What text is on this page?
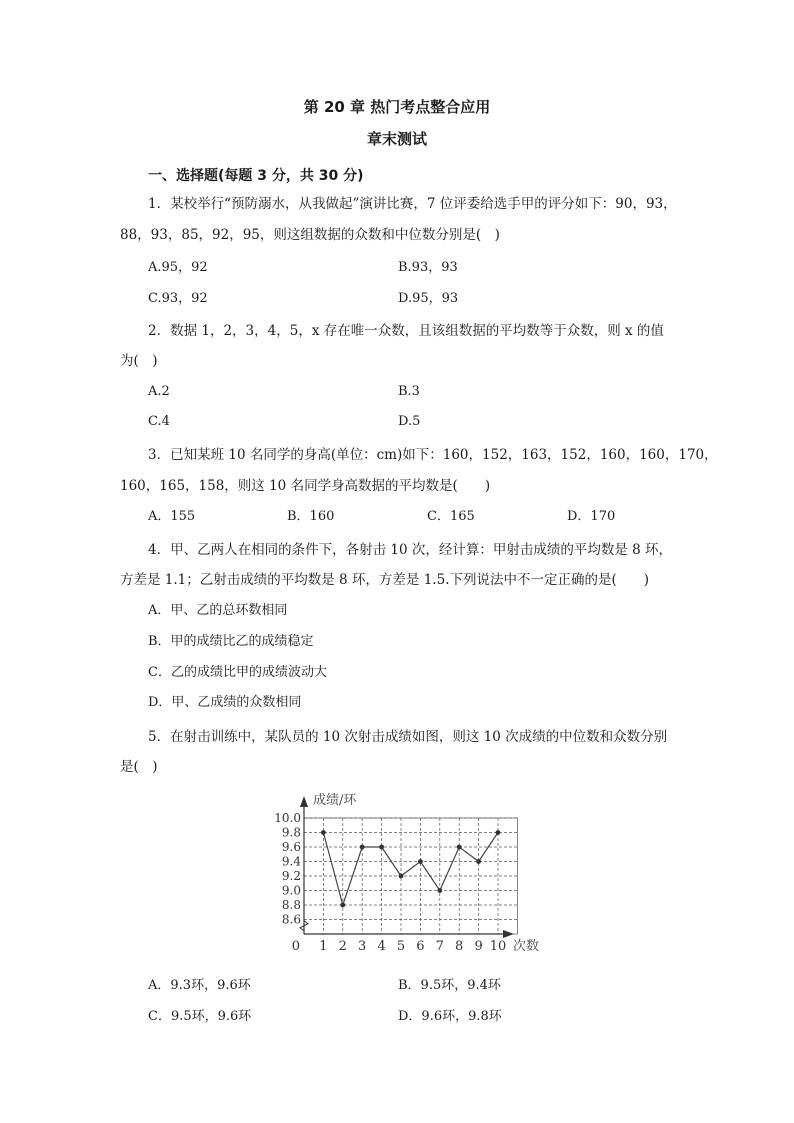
第 20 章 热门考点整合应用
章末测试
一、选择题(每题 3 分，共 30 分)
1．某校举行“预防溺水，从我做起”演讲比赛，7 位评委给选手甲的评分如下：90，93，
88，93，85，92，95，则这组数据的众数和中位数分别是(　)
A.95，92	B.93，93
C.93，92	D.95，93
2．数据 1，2，3，4，5，x 存在唯一众数，且该组数据的平均数等于众数，则 x 的值
为(　)
A.2	B.3
C.4	D.5
3．已知某班 10 名同学的身高(单位：cm)如下：160，152，163，152，160，160，170，
160，165，158，则这 10 名同学身高数据的平均数是(　　)
A．155	B．160	C．165	D．170
4．甲、乙两人在相同的条件下，各射击 10 次，经计算：甲射击成绩的平均数是 8 环，
方差是 1.1；乙射击成绩的平均数是 8 环，方差是 1.5.下列说法中不一定正确的是(　　)
A．甲、乙的总环数相同
B．甲的成绩比乙的成绩稳定
C．乙的成绩比甲的成绩波动大
D．甲、乙成绩的众数相同
5．在射击训练中，某队员的 10 次射击成绩如图，则这 10 次成绩的中位数和众数分别
是(　)
8.6
8.8
9.0
9.2
9.4
9.6
9.8
10.0
成绩/环
次数
0 1 2 3 4 5 6 7 8 9 10
A．9.3环，9.6环	B．9.5环，9.4环
C．9.5环，9.6环	D．9.6环，9.8环
